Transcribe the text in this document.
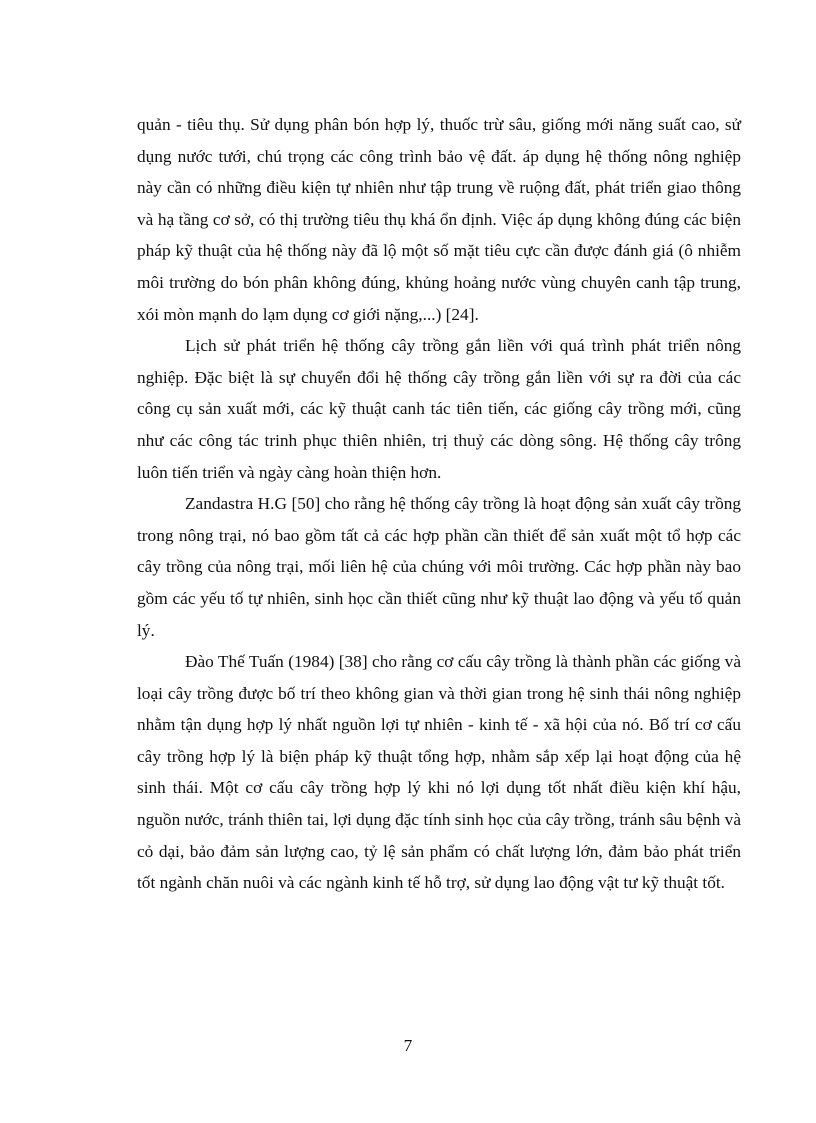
quản - tiêu thụ. Sử dụng phân bón hợp lý, thuốc trừ sâu, giống mới năng suất cao, sử dụng nước tưới, chú trọng các công trình bảo vệ đất. áp dụng hệ thống nông nghiệp này cần có những điều kiện tự nhiên như tập trung về ruộng đất, phát triển giao thông và hạ tầng cơ sở, có thị trường tiêu thụ khá ổn định. Việc áp dụng không đúng các biện pháp kỹ thuật của hệ thống này đã lộ một số mặt tiêu cực cần được đánh giá (ô nhiễm môi trường do bón phân không đúng, khủng hoảng nước vùng chuyên canh tập trung, xói mòn mạnh do lạm dụng cơ giới nặng,...) [24].

Lịch sử phát triển hệ thống cây trồng gắn liền với quá trình phát triển nông nghiệp. Đặc biệt là sự chuyển đổi hệ thống cây trồng gắn liền với sự ra đời của các công cụ sản xuất mới, các kỹ thuật canh tác tiên tiến, các giống cây trồng mới, cũng như các công tác trinh phục thiên nhiên, trị thuỷ các dòng sông. Hệ thống cây trông luôn tiến triển và ngày càng hoàn thiện hơn.

Zandastra H.G [50] cho rằng hệ thống cây trồng là hoạt động sản xuất cây trồng trong nông trại, nó bao gồm tất cả các hợp phần cần thiết để sản xuất một tổ hợp các cây trồng của nông trại, mối liên hệ của chúng với môi trường. Các hợp phần này bao gồm các yếu tố tự nhiên, sinh học cần thiết cũng như kỹ thuật lao động và yếu tố quản lý.

Đào Thế Tuấn (1984) [38] cho rằng cơ cấu cây trồng là thành phần các giống và loại cây trồng được bố trí theo không gian và thời gian trong hệ sinh thái nông nghiệp nhằm tận dụng hợp lý nhất nguồn lợi tự nhiên - kinh tế - xã hội của nó. Bố trí cơ cấu cây trồng hợp lý là biện pháp kỹ thuật tổng hợp, nhằm sắp xếp lại hoạt động của hệ sinh thái. Một cơ cấu cây trồng hợp lý khi nó lợi dụng tốt nhất điều kiện khí hậu, nguồn nước, tránh thiên tai, lợi dụng đặc tính sinh học của cây trồng, tránh sâu bệnh và cỏ dại, bảo đảm sản lượng cao, tỷ lệ sản phẩm có chất lượng lớn, đảm bảo phát triển tốt ngành chăn nuôi và các ngành kinh tế hỗ trợ, sử dụng lao động vật tư kỹ thuật tốt.

7
